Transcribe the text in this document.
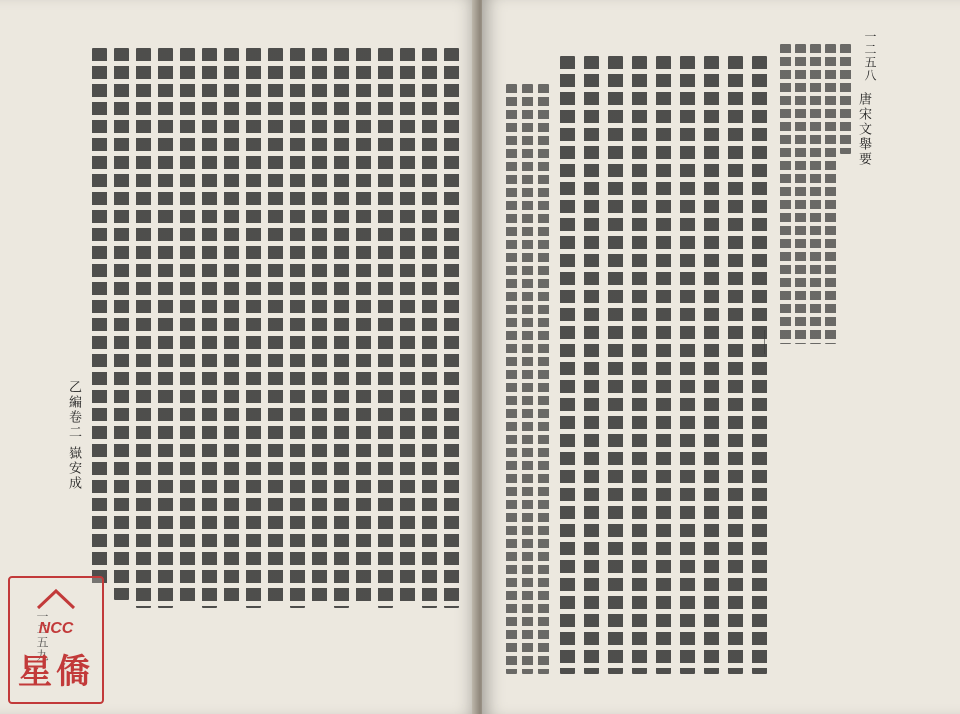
乙編卷二 嶽安成
一二五九
唐宋文舉要
一二五八
NCC
星僑
